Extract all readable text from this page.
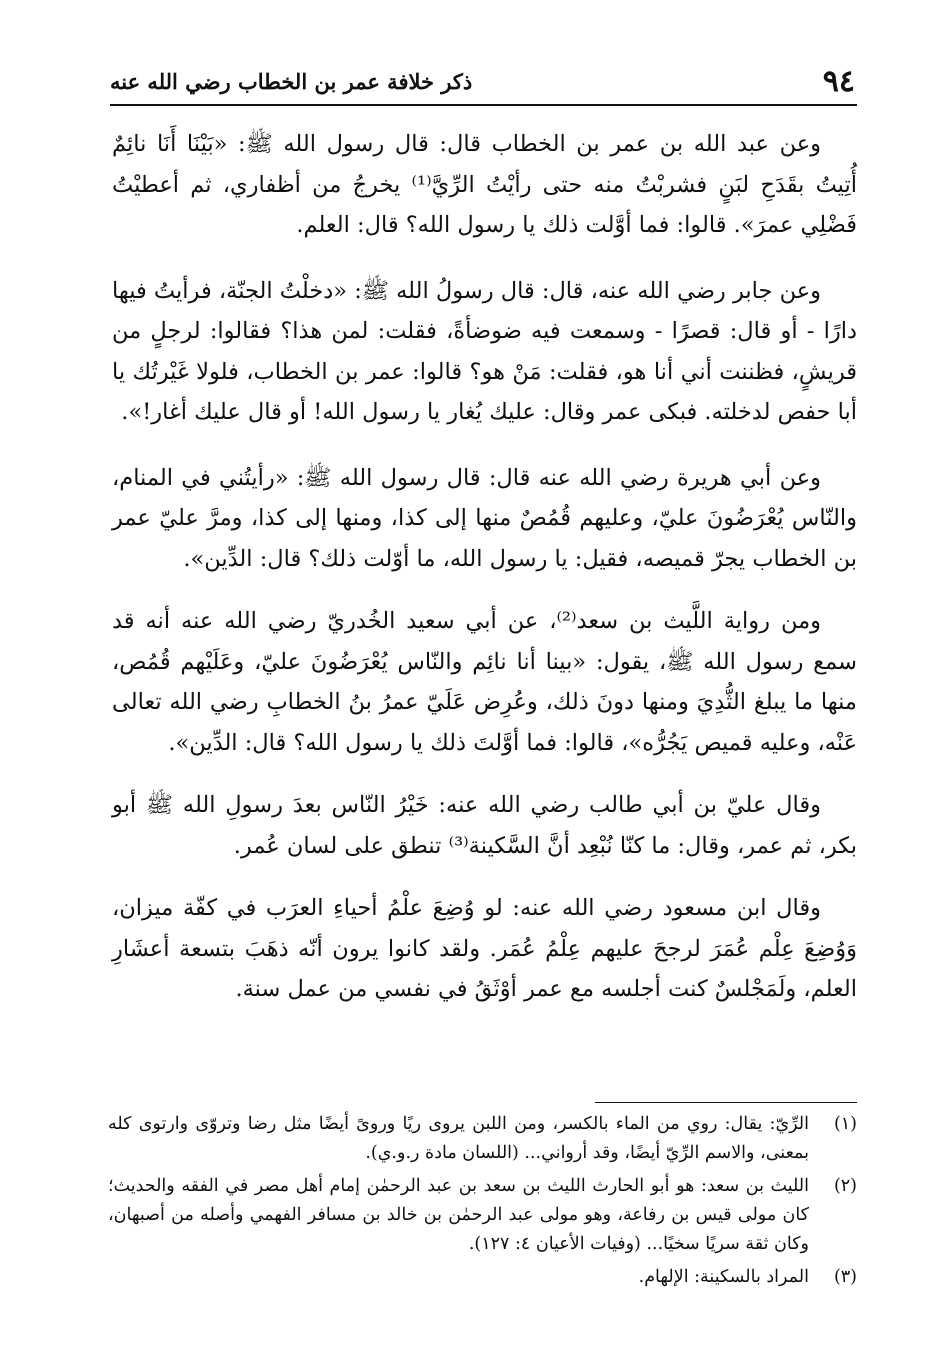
٩٤
ذكر خلافة عمر بن الخطاب رضي الله عنه

وعن عبد الله بن عمر بن الخطاب قال: قال رسول الله ﷺ: «بَيْنَا أَنَا نائِمٌ أُتِيتُ بقَدَحِ لبَنٍ فشربْتُ منه حتى رأيْتُ الرِّيَّ⁽¹⁾ يخرجُ من أظفاري، ثم أعطيْتُ فَضْلِي عمرَ». قالوا: فما أوَّلت ذلك يا رسول الله؟ قال: العلم.

وعن جابر رضي الله عنه، قال: قال رسولُ الله ﷺ: «دخلْتُ الجنّة، فرأيتُ فيها دارًا - أو قال: قصرًا - وسمعت فيه ضوضأةً، فقلت: لمن هذا؟ فقالوا: لرجلٍ من قريشٍ، فظننت أني أنا هو، فقلت: مَنْ هو؟ قالوا: عمر بن الخطاب، فلولا غَيْرتُك يا أبا حفص لدخلته. فبكى عمر وقال: عليك يُغار يا رسول الله! أو قال عليك أغار!».

وعن أبي هريرة رضي الله عنه قال: قال رسول الله ﷺ: «رأيتُني في المنام، والنّاس يُعْرَضُونَ عليّ، وعليهم قُمُصٌ منها إلى كذا، ومنها إلى كذا، ومرَّ عليّ عمر بن الخطاب يجرّ قميصه، فقيل: يا رسول الله، ما أوّلت ذلك؟ قال: الدِّين».

ومن رواية اللَّيث بن سعد⁽²⁾، عن أبي سعيد الخُدريّ رضي الله عنه أنه قد سمع رسول الله ﷺ، يقول: «بينا أنا نائِم والنّاس يُعْرَضُونَ عليّ، وعَلَيْهم قُمُص، منها ما يبلغ الثُّدِيَ ومنها دونَ ذلك، وعُرِض عَلَيّ عمرُ بنُ الخطابِ رضي الله تعالى عَنْه، وعليه قميص يَجُرُّه»، قالوا: فما أوَّلتَ ذلك يا رسول الله؟ قال: الدِّين».

وقال عليّ بن أبي طالب رضي الله عنه: خَيْرُ النّاس بعدَ رسولِ الله ﷺ أبو بكر، ثم عمر، وقال: ما كنّا نُبْعِد أنَّ السَّكينة⁽³⁾ تنطق على لسان عُمر.

وقال ابن مسعود رضي الله عنه: لو وُضِعَ علْمُ أحياءِ العرَب في كفّة ميزان، وَوُضِعَ عِلْم عُمَرَ لرجحَ عليهم عِلْمُ عُمَر. ولقد كانوا يرون أنّه ذهَبَ بتسعة أعشَارِ العلم، ولَمَجْلسٌ كنت أجلسه مع عمر أوْثَقُ في نفسي من عمل سنة.

(١)
الرِّيّ: يقال: روي من الماء بالكسر، ومن اللبن يروى ريًا وروىً أيضًا مثل رضا وتروّى وارتوى كله بمعنى، والاسم الرِّيّ أيضًا، وقد أرواني... (اللسان مادة ر.و.ي).
(٢)
الليث بن سعد: هو أبو الحارث الليث بن سعد بن عبد الرحمٰن إمام أهل مصر في الفقه والحديث؛ كان مولى قيس بن رفاعة، وهو مولى عبد الرحمٰن بن خالد بن مسافر الفهمي وأصله من أصبهان، وكان ثقة سريًا سخيًا... (وفيات الأعيان ٤: ١٢٧).
(٣)
المراد بالسكينة: الإلهام.
